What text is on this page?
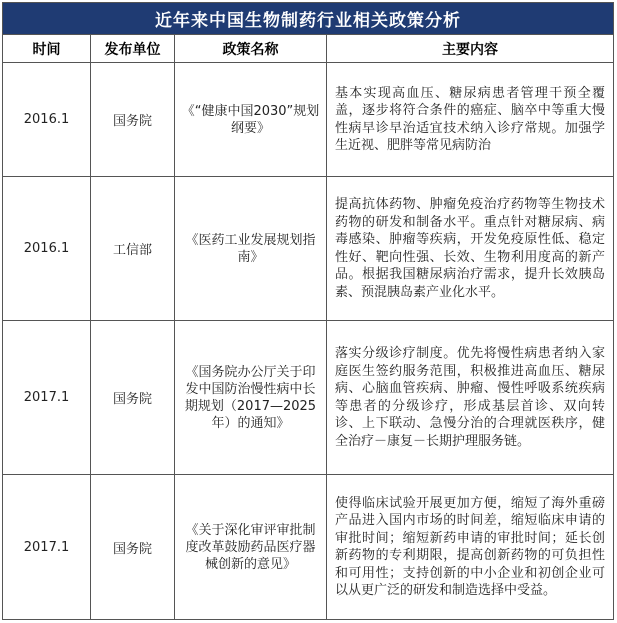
近年来中国生物制药行业相关政策分析			
时间	发布单位	政策名称	主要内容
2016.1	国务院	《“健康中国2030”规划纲要》	基本实现高血压、糖尿病患者管理干预全覆盖，逐步将符合条件的癌症、脑卒中等重大慢性病早诊早治适宜技术纳入诊疗常规。加强学生近视、肥胖等常见病防治
2016.1	工信部	《医药工业发展规划指南》	提高抗体药物、肿瘤免疫治疗药物等生物技术药物的研发和制备水平。重点针对糖尿病、病毒感染、肿瘤等疾病，开发免疫原性低、稳定性好、靶向性强、长效、生物利用度高的新产品。根据我国糖尿病治疗需求，提升长效胰岛素、预混胰岛素产业化水平。
2017.1	国务院	《国务院办公厅关于印发中国防治慢性病中长期规划（2017—2025年）的通知》	落实分级诊疗制度。优先将慢性病患者纳入家庭医生签约服务范围，积极推进高血压、糖尿病、心脑血管疾病、肿瘤、慢性呼吸系统疾病等患者的分级诊疗，形成基层首诊、双向转诊、上下联动、急慢分治的合理就医秩序，健全治疗－康复－长期护理服务链。
2017.1	国务院	《关于深化审评审批制度改革鼓励药品医疗器械创新的意见》	使得临床试验开展更加方便，缩短了海外重磅产品进入国内市场的时间差，缩短临床申请的审批时间；缩短新药申请的审批时间；延长创新药物的专利期限，提高创新药物的可负担性和可用性；支持创新的中小企业和初创企业可以从更广泛的研发和制造选择中受益。
